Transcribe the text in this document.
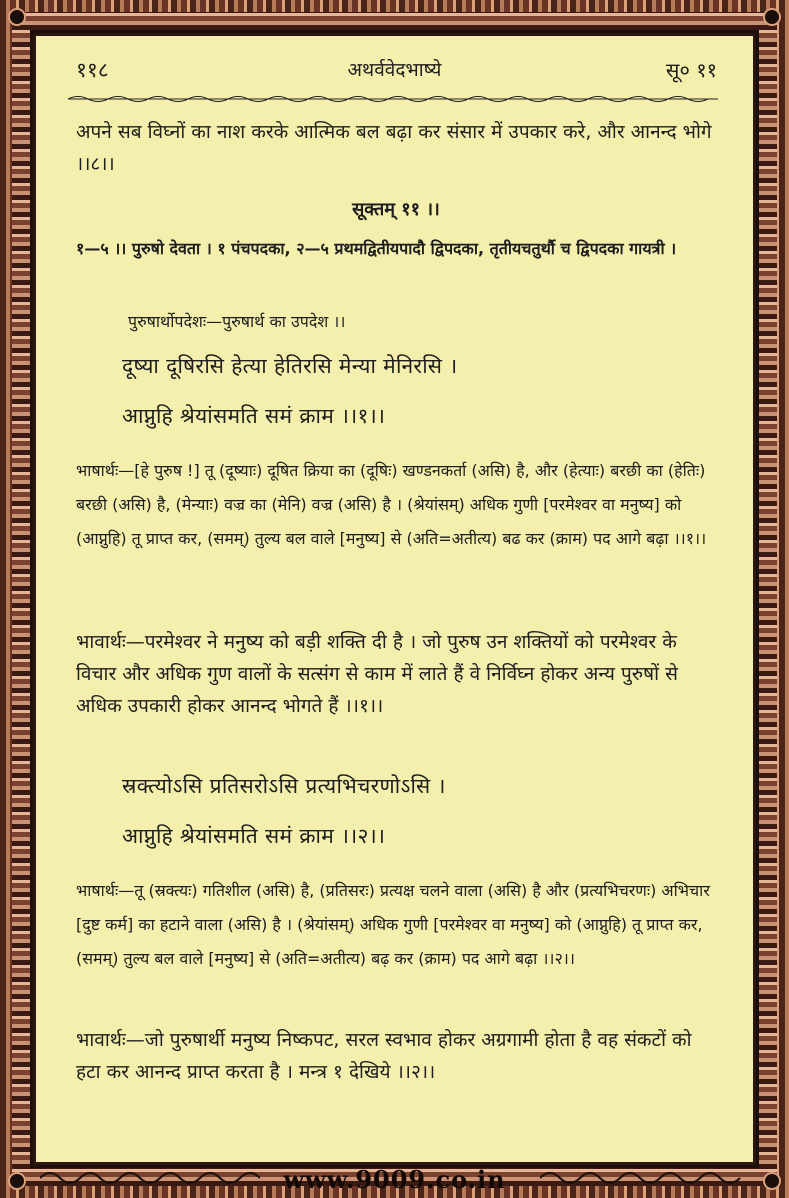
११८	अथर्ववेदभाष्ये	सू० ११

अपने सब विघ्नों का नाश करके आत्मिक बल बढ़ा कर संसार में उपकार करे, और आनन्द भोगे ।।८।।

सूक्तम् ११ ।।

१—५ ।। पुरुषो देवता । १ पंचपदका, २—५ प्रथमद्वितीयपादौ द्विपदका, तृतीयचतुर्थौ च द्विपदका गायत्री ।

पुरुषार्थोपदेशः—पुरुषार्थ का उपदेश ।।
दूष्या दूषिरसि हेत्या हेतिरसि मेन्या मेनिरसि ।
आप्नुहि श्रेयांसमति समं क्राम ।।१।।

भाषार्थः—[हे पुरुष !] तू (दूष्याः) दूषित क्रिया का (दूषिः) खण्डनकर्ता (असि) है, और (हेत्याः) बरछी का (हेतिः) बरछी (असि) है, (मेन्याः) वज्र का (मेनि) वज्र (असि) है । (श्रेयांसम्) अधिक गुणी [परमेश्वर वा मनुष्य] को (आप्नुहि) तू प्राप्त कर, (समम्) तुल्य बल वाले [मनुष्य] से (अति=अतीत्य) बढ कर (क्राम) पद आगे बढ़ा ।।१।।

भावार्थः—परमेश्वर ने मनुष्य को बड़ी शक्ति दी है । जो पुरुष उन शक्तियों को परमेश्वर के विचार और अधिक गुण वालों के सत्संग से काम में लाते हैं वे निर्विघ्न होकर अन्य पुरुषों से अधिक उपकारी होकर आनन्द भोगते हैं ।।१।।

स्रक्त्योऽसि प्रतिसरोऽसि प्रत्यभिचरणोऽसि ।
आप्नुहि श्रेयांसमति समं क्राम ।।२।।

भाषार्थः—तू (स्रक्त्यः) गतिशील (असि) है, (प्रतिसरः) प्रत्यक्ष चलने वाला (असि) है और (प्रत्यभिचरणः) अभिचार [दुष्ट कर्म] का हटाने वाला (असि) है । (श्रेयांसम्) अधिक गुणी [परमेश्वर वा मनुष्य] को (आप्नुहि) तू प्राप्त कर, (समम्) तुल्य बल वाले [मनुष्य] से (अति=अतीत्य) बढ़ कर (क्राम) पद आगे बढ़ा ।।२।।

भावार्थः—जो पुरुषार्थी मनुष्य निष्कपट, सरल स्वभाव होकर अग्रगामी होता है वह संकटों को हटा कर आनन्द प्राप्त करता है । मन्त्र १ देखिये ।।२।।

www.9009.co.in
